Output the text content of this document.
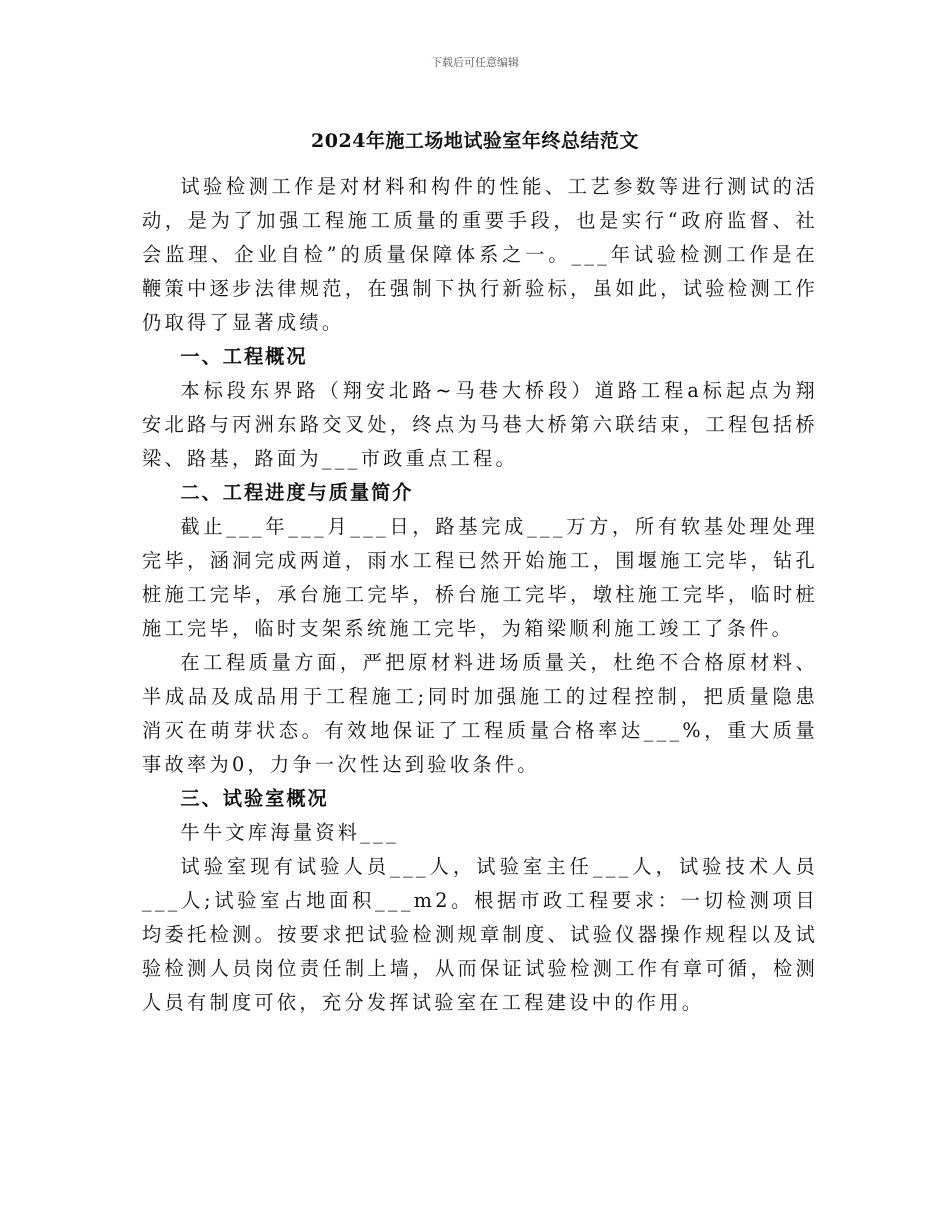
下载后可任意编辑
2024年施工场地试验室年终总结范文

试验检测工作是对材料和构件的性能、工艺参数等进行测试的活动，是为了加强工程施工质量的重要手段，也是实行“政府监督、社会监理、企业自检”的质量保障体系之一。___年试验检测工作是在鞭策中逐步法律规范，在强制下执行新验标，虽如此，试验检测工作仍取得了显著成绩。

一、工程概况

本标段东界路（翔安北路~马巷大桥段）道路工程a标起点为翔安北路与丙洲东路交叉处，终点为马巷大桥第六联结束，工程包括桥梁、路基，路面为___市政重点工程。

二、工程进度与质量简介

截止___年___月___日，路基完成___万方，所有软基处理处理完毕，涵洞完成两道，雨水工程已然开始施工，围堰施工完毕，钻孔桩施工完毕，承台施工完毕，桥台施工完毕，墩柱施工完毕，临时桩施工完毕，临时支架系统施工完毕，为箱梁顺利施工竣工了条件。

在工程质量方面，严把原材料进场质量关，杜绝不合格原材料、半成品及成品用于工程施工;同时加强施工的过程控制，把质量隐患消灭在萌芽状态。有效地保证了工程质量合格率达___%，重大质量事故率为0，力争一次性达到验收条件。

三、试验室概况

牛牛文库海量资料___

试验室现有试验人员___人，试验室主任___人，试验技术人员___人;试验室占地面积___m2。根据市政工程要求：一切检测项目均委托检测。按要求把试验检测规章制度、试验仪器操作规程以及试验检测人员岗位责任制上墙，从而保证试验检测工作有章可循，检测人员有制度可依，充分发挥试验室在工程建设中的作用。
